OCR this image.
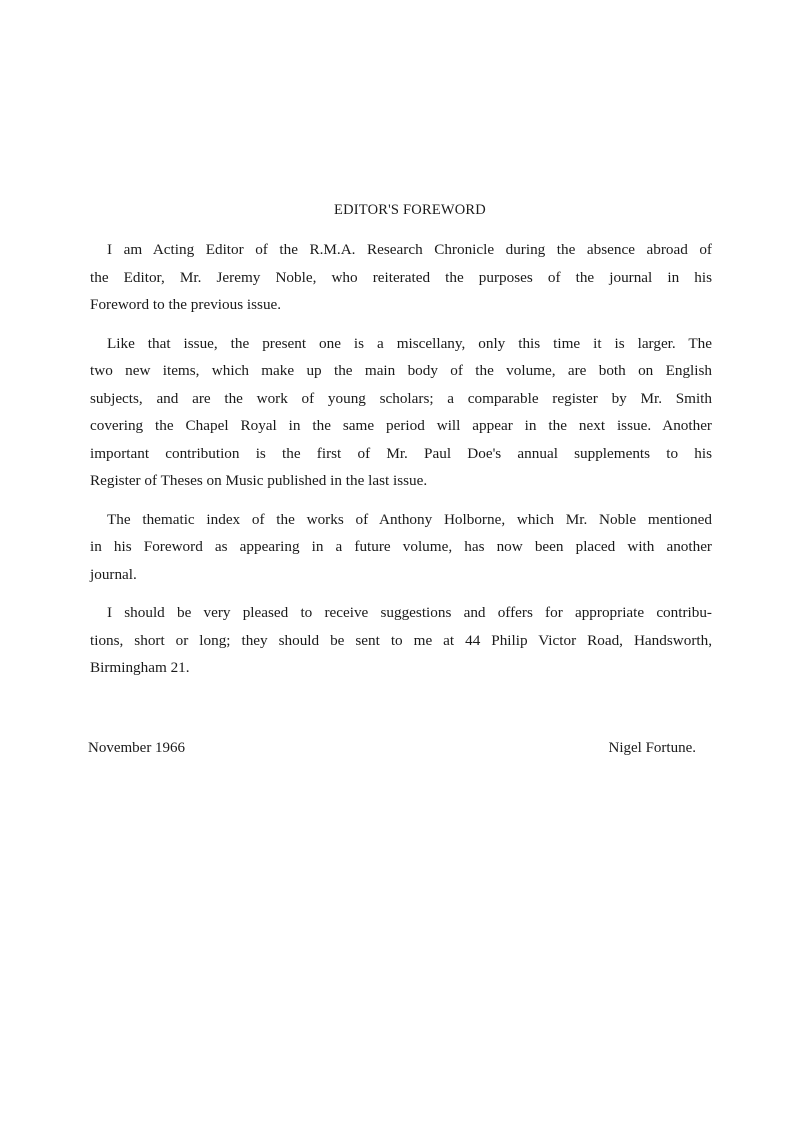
EDITOR'S FOREWORD

I am Acting Editor of the R.M.A. Research Chronicle during the absence abroad of
the Editor, Mr. Jeremy Noble, who reiterated the purposes of the journal in his
Foreword to the previous issue.

Like that issue, the present one is a miscellany, only this time it is larger. The
two new items, which make up the main body of the volume, are both on English
subjects, and are the work of young scholars; a comparable register by Mr. Smith
covering the Chapel Royal in the same period will appear in the next issue. Another
important contribution is the first of Mr. Paul Doe's annual supplements to his
Register of Theses on Music published in the last issue.

The thematic index of the works of Anthony Holborne, which Mr. Noble mentioned
in his Foreword as appearing in a future volume, has now been placed with another
journal.

I should be very pleased to receive suggestions and offers for appropriate contribu-
tions, short or long; they should be sent to me at 44 Philip Victor Road, Handsworth,
Birmingham 21.

November 1966	Nigel Fortune.
